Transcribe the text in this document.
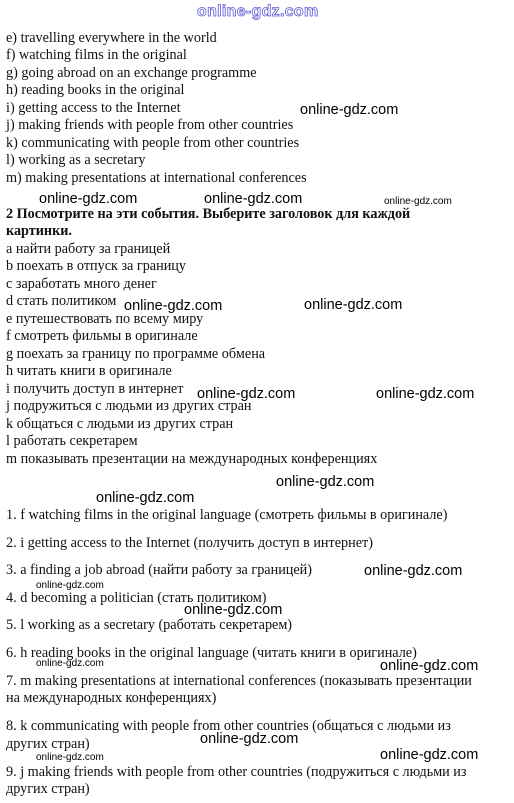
online-gdz.com
e) travelling everywhere in the world
f) watching films in the original
g) going abroad on an exchange programme
h) reading books in the original
i) getting access to the Internet
j) making friends with people from other countries
k) communicating with people from other countries
l) working as a secretary
m) making presentations at international conferences
2 Посмотрите на эти события. Выберите заголовок для каждой
картинки.
a найти работу за границей
b поехать в отпуск за границу
c заработать много денег
d стать политиком
e путешествовать по всему миру
f смотреть фильмы в оригинале
g поехать за границу по программе обмена
h читать книги в оригинале
i получить доступ в интернет
j подружиться с людьми из других стран
k общаться с людьми из других стран
l работать секретарем
m показывать презентации на международных конференциях
1. f watching films in the original language (смотреть фильмы в оригинале)
2. i getting access to the Internet (получить доступ в интернет)
3. a finding a job abroad (найти работу за границей)
4. d becoming a politician (стать политиком)
5. l working as a secretary (работать секретарем)
6. h reading books in the original language (читать книги в оригинале)
7. m making presentations at international conferences (показывать презентации
на международных конференциях)
8. k communicating with people from other countries (общаться с людьми из
других стран)
9. j making friends with people from other countries (подружиться с людьми из
других стран)
online-gdz.com
online-gdz.com	online-gdz.com	online-gdz.com
online-gdz.com	online-gdz.com
online-gdz.com	online-gdz.com
online-gdz.com
online-gdz.com
online-gdz.com
online-gdz.com
online-gdz.com
online-gdz.com	online-gdz.com
online-gdz.com
online-gdz.com
online-gdz.com
